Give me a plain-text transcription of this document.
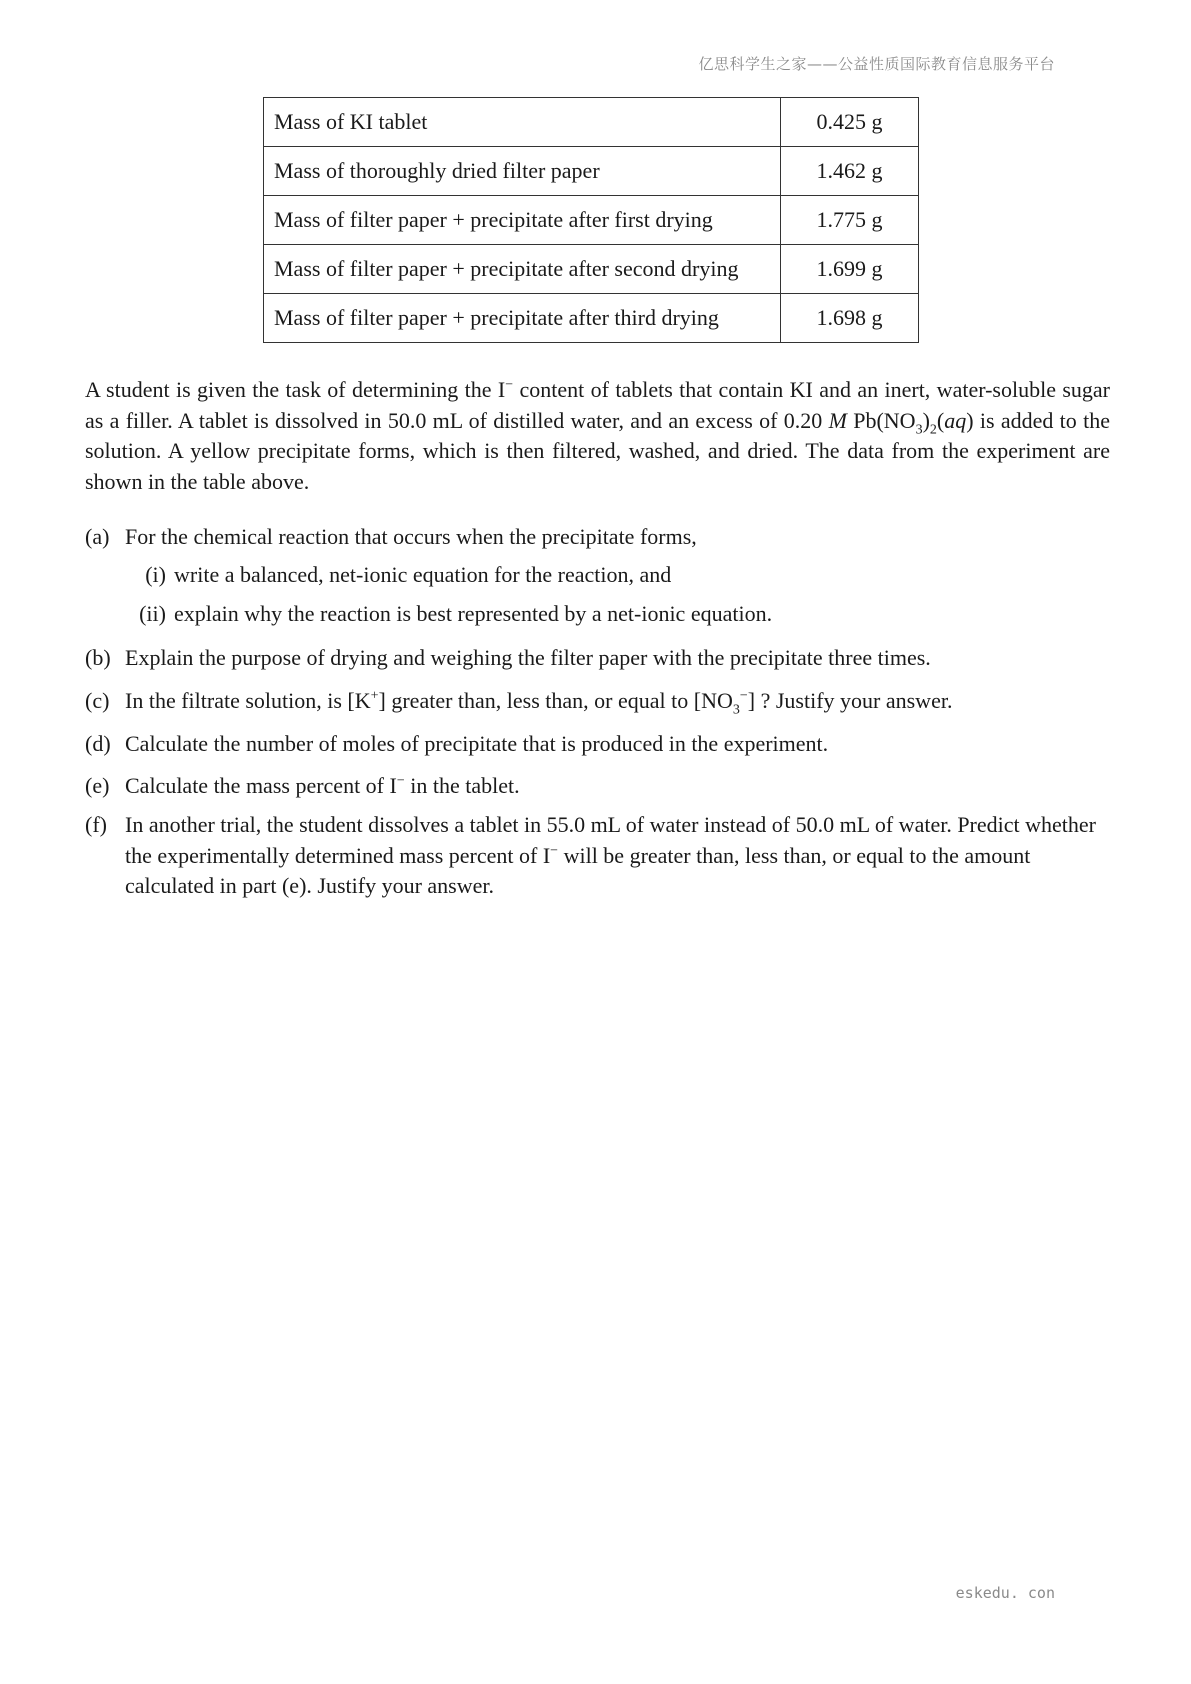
亿思科学生之家——公益性质国际教育信息服务平台
Mass of KI tablet	0.425 g
Mass of thoroughly dried filter paper	1.462 g
Mass of filter paper + precipitate after first drying	1.775 g
Mass of filter paper + precipitate after second drying	1.699 g
Mass of filter paper + precipitate after third drying	1.698 g

A student is given the task of determining the I− content of tablets that contain KI and an inert, water-soluble sugar as a filler. A tablet is dissolved in 50.0 mL of distilled water, and an excess of 0.20 M $Pb(NO_3)_2(aq)$ is added to the solution. A yellow precipitate forms, which is then filtered, washed, and dried. The data from the experiment are shown in the table above.

(a) For the chemical reaction that occurs when the precipitate forms,
(i) write a balanced, net-ionic equation for the reaction, and
(ii) explain why the reaction is best represented by a net-ionic equation.
(b) Explain the purpose of drying and weighing the filter paper with the precipitate three times.
(c) In the filtrate solution, is [K+] greater than, less than, or equal to $[NO_3^-]$ ? Justify your answer.
(d) Calculate the number of moles of precipitate that is produced in the experiment.
(e) Calculate the mass percent of I− in the tablet.
(f) In another trial, the student dissolves a tablet in 55.0 mL of water instead of 50.0 mL of water. Predict whether the experimentally determined mass percent of I− will be greater than, less than, or equal to the amount calculated in part (e). Justify your answer.
eskedu. con
